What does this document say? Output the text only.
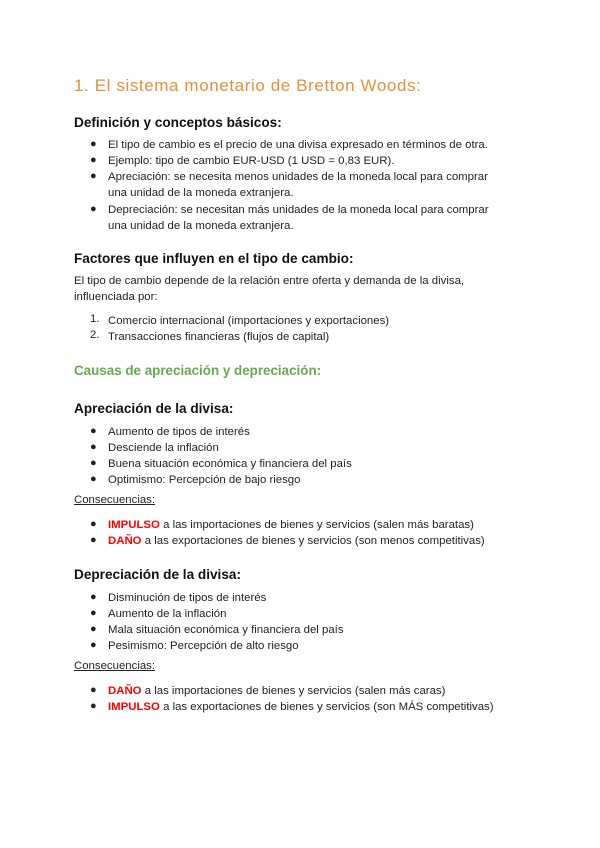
1. El sistema monetario de Bretton Woods:
Definición y conceptos básicos:
● El tipo de cambio es el precio de una divisa expresado en términos de otra.
● Ejemplo: tipo de cambio EUR-USD (1 USD = 0,83 EUR).
● Apreciación: se necesita menos unidades de la moneda local para comprar
una unidad de la moneda extranjera.
● Depreciación: se necesitan más unidades de la moneda local para comprar
una unidad de la moneda extranjera.
Factores que influyen en el tipo de cambio:
El tipo de cambio depende de la relación entre oferta y demanda de la divisa,
influenciada por:
1. Comercio internacional (importaciones y exportaciones)
2. Transacciones financieras (flujos de capital)
Causas de apreciación y depreciación:
Apreciación de la divisa:
● Aumento de tipos de interés
● Desciende la inflación
● Buena situación económica y financiera del país
● Optimismo: Percepción de bajo riesgo
Consecuencias:
● IMPULSO a las importaciones de bienes y servicios (salen más baratas)
● DAÑO a las exportaciones de bienes y servicios (son menos competitivas)
Depreciación de la divisa:
● Disminución de tipos de interés
● Aumento de la inflación
● Mala situación económica y financiera del país
● Pesimismo: Percepción de alto riesgo
Consecuencias:
● DAÑO a las importaciones de bienes y servicios (salen más caras)
● IMPULSO a las exportaciones de bienes y servicios (son MÁS competitivas)
